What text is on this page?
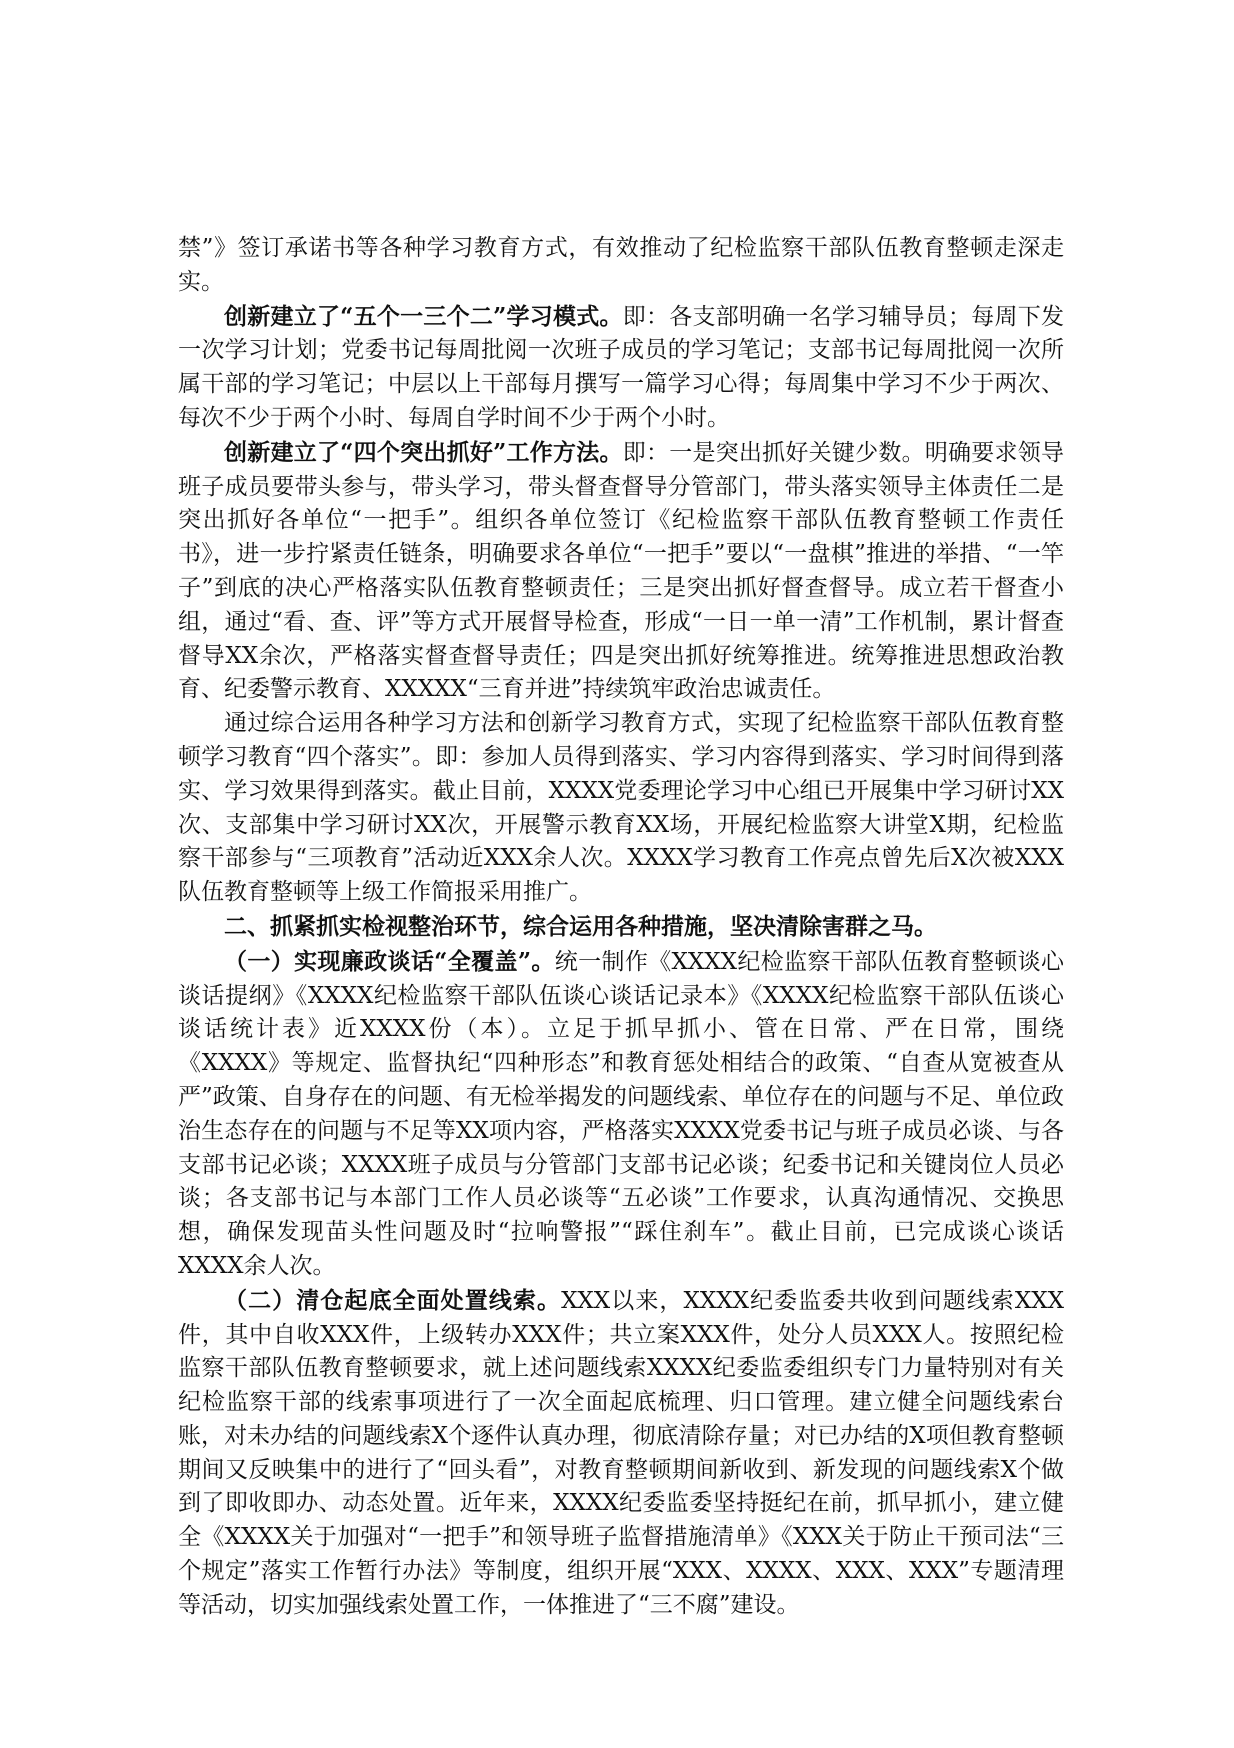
禁”》签订承诺书等各种学习教育方式，有效推动了纪检监察干部队伍教育整顿走深走实。

创新建立了“五个一三个二”学习模式。即：各支部明确一名学习辅导员；每周下发一次学习计划；党委书记每周批阅一次班子成员的学习笔记；支部书记每周批阅一次所属干部的学习笔记；中层以上干部每月撰写一篇学习心得；每周集中学习不少于两次、每次不少于两个小时、每周自学时间不少于两个小时。

创新建立了“四个突出抓好”工作方法。即：一是突出抓好关键少数。明确要求领导班子成员要带头参与，带头学习，带头督查督导分管部门，带头落实领导主体责任二是突出抓好各单位“一把手”。组织各单位签订《纪检监察干部队伍教育整顿工作责任书》，进一步拧紧责任链条，明确要求各单位“一把手”要以“一盘棋”推进的举措、“一竿子”到底的决心严格落实队伍教育整顿责任；三是突出抓好督查督导。成立若干督查小组，通过“看、查、评”等方式开展督导检查，形成“一日一单一清”工作机制，累计督查督导XX余次，严格落实督查督导责任；四是突出抓好统筹推进。统筹推进思想政治教育、纪委警示教育、XXXXX“三育并进”持续筑牢政治忠诚责任。

通过综合运用各种学习方法和创新学习教育方式，实现了纪检监察干部队伍教育整顿学习教育“四个落实”。即：参加人员得到落实、学习内容得到落实、学习时间得到落实、学习效果得到落实。截止目前，XXXX党委理论学习中心组已开展集中学习研讨XX次、支部集中学习研讨XX次，开展警示教育XX场，开展纪检监察大讲堂X期，纪检监察干部参与“三项教育”活动近XXX余人次。XXXX学习教育工作亮点曾先后X次被XXX队伍教育整顿等上级工作简报采用推广。

二、抓紧抓实检视整治环节，综合运用各种措施，坚决清除害群之马。

（一）实现廉政谈话“全覆盖”。统一制作《XXXX纪检监察干部队伍教育整顿谈心谈话提纲》《XXXX纪检监察干部队伍谈心谈话记录本》《XXXX纪检监察干部队伍谈心谈话统计表》近XXXX份（本）。立足于抓早抓小、管在日常、严在日常，围绕《XXXX》等规定、监督执纪“四种形态”和教育惩处相结合的政策、“自查从宽被查从严”政策、自身存在的问题、有无检举揭发的问题线索、单位存在的问题与不足、单位政治生态存在的问题与不足等XX项内容，严格落实XXXX党委书记与班子成员必谈、与各支部书记必谈；XXXX班子成员与分管部门支部书记必谈；纪委书记和关键岗位人员必谈；各支部书记与本部门工作人员必谈等“五必谈”工作要求，认真沟通情况、交换思想，确保发现苗头性问题及时“拉响警报”“踩住刹车”。截止目前，已完成谈心谈话XXXX余人次。

（二）清仓起底全面处置线索。XXX以来，XXXX纪委监委共收到问题线索XXX件，其中自收XXX件，上级转办XXX件；共立案XXX件，处分人员XXX人。按照纪检监察干部队伍教育整顿要求，就上述问题线索XXXX纪委监委组织专门力量特别对有关纪检监察干部的线索事项进行了一次全面起底梳理、归口管理。建立健全问题线索台账，对未办结的问题线索X个逐件认真办理，彻底清除存量；对已办结的X项但教育整顿期间又反映集中的进行了“回头看”，对教育整顿期间新收到、新发现的问题线索X个做到了即收即办、动态处置。近年来，XXXX纪委监委坚持挺纪在前，抓早抓小，建立健全《XXXX关于加强对“一把手”和领导班子监督措施清单》《XXX关于防止干预司法“三个规定”落实工作暂行办法》等制度，组织开展“XXX、XXXX、XXX、XXX”专题清理等活动，切实加强线索处置工作，一体推进了“三不腐”建设。
